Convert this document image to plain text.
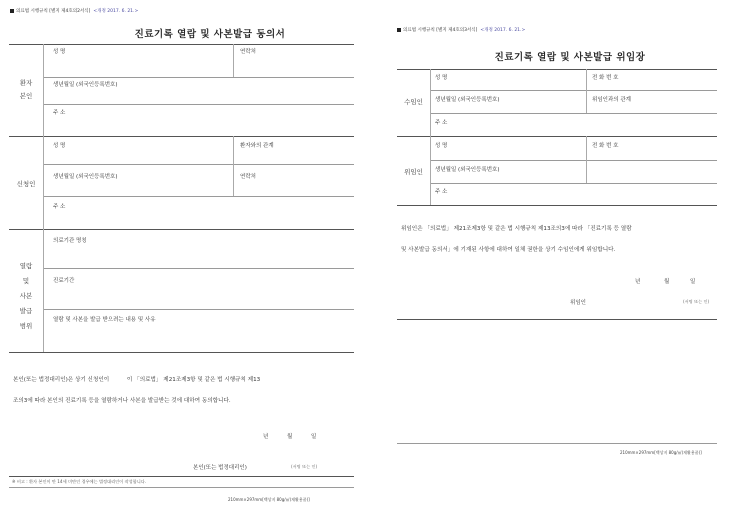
의료법 시행규칙 [별지 제4호의2서식] <개정 2017. 6. 21.>
진료기록 열람 및 사본발급 동의서
환자
본인
성 명	연락처
생년월일 (외국인등록번호)
주 소
신청인
성 명	환자와의 관계
생년월일 (외국인등록번호)	연락처
주 소
열람
및
사본
발급
범위
의료기관 명칭
진료기간
열람 및 사본을 발급 받으려는 내용 및 사유
본인(또는 법정대리인)은 상기 신청인이          이 「의료법」 제21조제3항 및 같은 법 시행규칙 제13
조의3에 따라 본인의 진료기록 등을 열람하거나 사본을 발급받는 것에 대하여 동의합니다.
년	월	일
본인(또는 법정대리인)	(서명 또는 인)
※ 비고 : 환자 본인이 만 14세 미만인 경우에는 법정대리인이 작성합니다.
210mm×297mm[백상지 80g/㎡(재활용품)]
의료법 시행규칙 [별지 제4호의3서식] <개정 2017. 6. 21.>
진료기록 열람 및 사본발급 위임장
수임인
성 명	전 화 번 호
생년월일 (외국인등록번호)	위임인과의 관계
주 소
위임인
성 명	전 화 번 호
생년월일 (외국인등록번호)
주 소
위임인은 「의료법」 제21조제3항 및 같은 법 시행규칙 제13조의3에 따라 「진료기록 등 열람
및 사본발급 동의서」에 기재된 사항에 대하여 일체 권한을 상기 수임인에게 위임합니다.
년	월	일
위임인	(서명 또는 인)
210mm×297mm[백상지 80g/㎡(재활용품)]
